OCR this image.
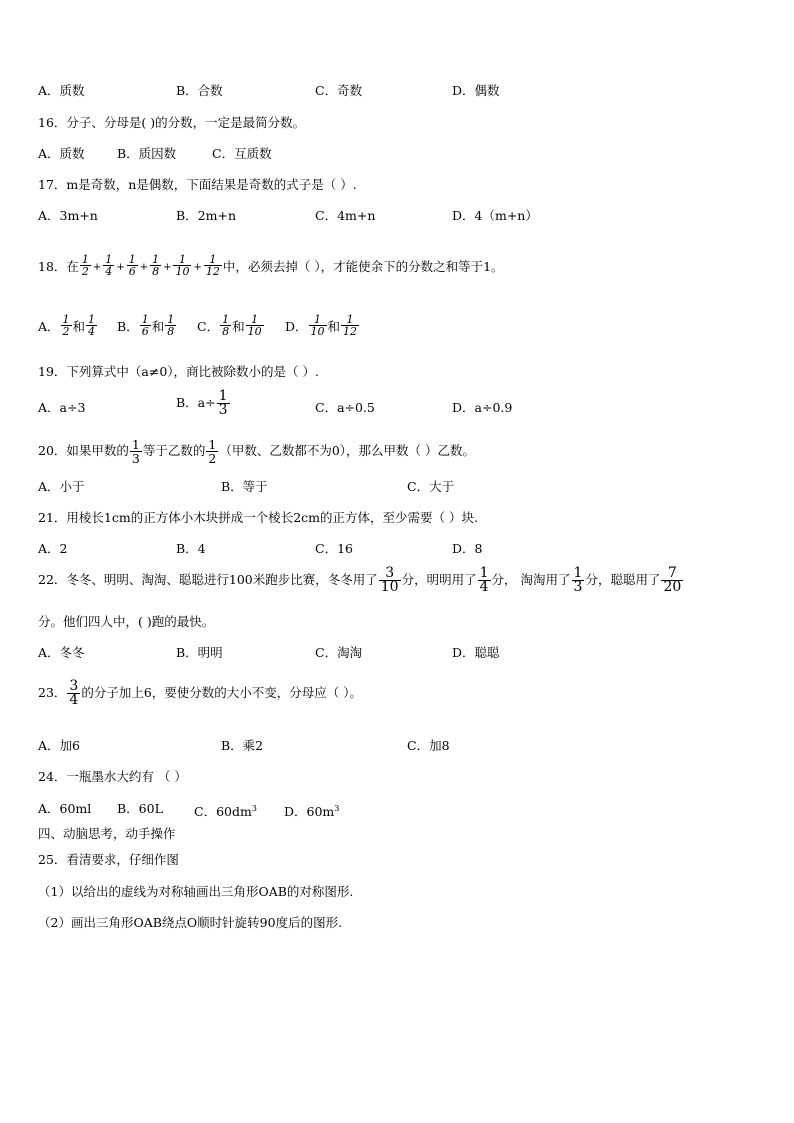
A．质数	B．合数	C．奇数	D．偶数
16．分子、分母是( )的分数，一定是最简分数。
A．质数	B．质因数	C．互质数
17．m是奇数，n是偶数，下面结果是奇数的式子是（ ）.
A．3m+n	B．2m+n	C．4m+n	D．4（m+n）
18．在 $\frac{1}{2} + \frac{1}{4} + \frac{1}{6} + \frac{1}{8} + \frac{1}{10} + \frac{1}{12}$ 中，必须去掉（ ），才能使余下的分数之和等于1。
A． $\frac{1}{2}$ 和 $\frac{1}{4}$ B． $\frac{1}{6}$ 和 $\frac{1}{8}$ C． $\frac{1}{8}$ 和 $\frac{1}{10}$ D． $\frac{1}{10}$ 和 $\frac{1}{12}$
19．下列算式中（a≠0），商比被除数小的是（ ）.
A．a÷3	B．$a\div \frac{1}{3}$	C．a÷0.5	D．a÷0.9
20．如果甲数的 $\frac{1}{3}$ 等于乙数的 $\frac{1}{2}$ （甲数、乙数都不为0），那么甲数（ ）乙数。
A．小于	B．等于	C．大于
21．用棱长1cm的正方体小木块拼成一个棱长2cm的正方体，至少需要（ ）块.
A．2	B．4	C．16	D．8
22．冬冬、明明、淘淘、聪聪进行100米跑步比赛，冬冬用了 $\frac{3}{10}$ 分，明明用了 $\frac{1}{4}$ 分， 淘淘用了 $\frac{1}{3}$ 分，聪聪用了 $\frac{7}{20}$
分。他们四人中，( )跑的最快。
A．冬冬	B．明明	C．淘淘	D．聪聪
23． $\frac{3}{4}$ 的分子加上6，要使分数的大小不变，分母应（ ）。
A．加6	B．乘2	C．加8
24．一瓶墨水大约有 （ ）
A．60ml B．60L C．$60dm^3$ D．$60m^3$
四、动脑思考，动手操作
25．看清要求，仔细作图
（1）以给出的虚线为对称轴画出三角形OAB的对称图形.
（2）画出三角形OAB绕点O顺时针旋转90度后的图形.
